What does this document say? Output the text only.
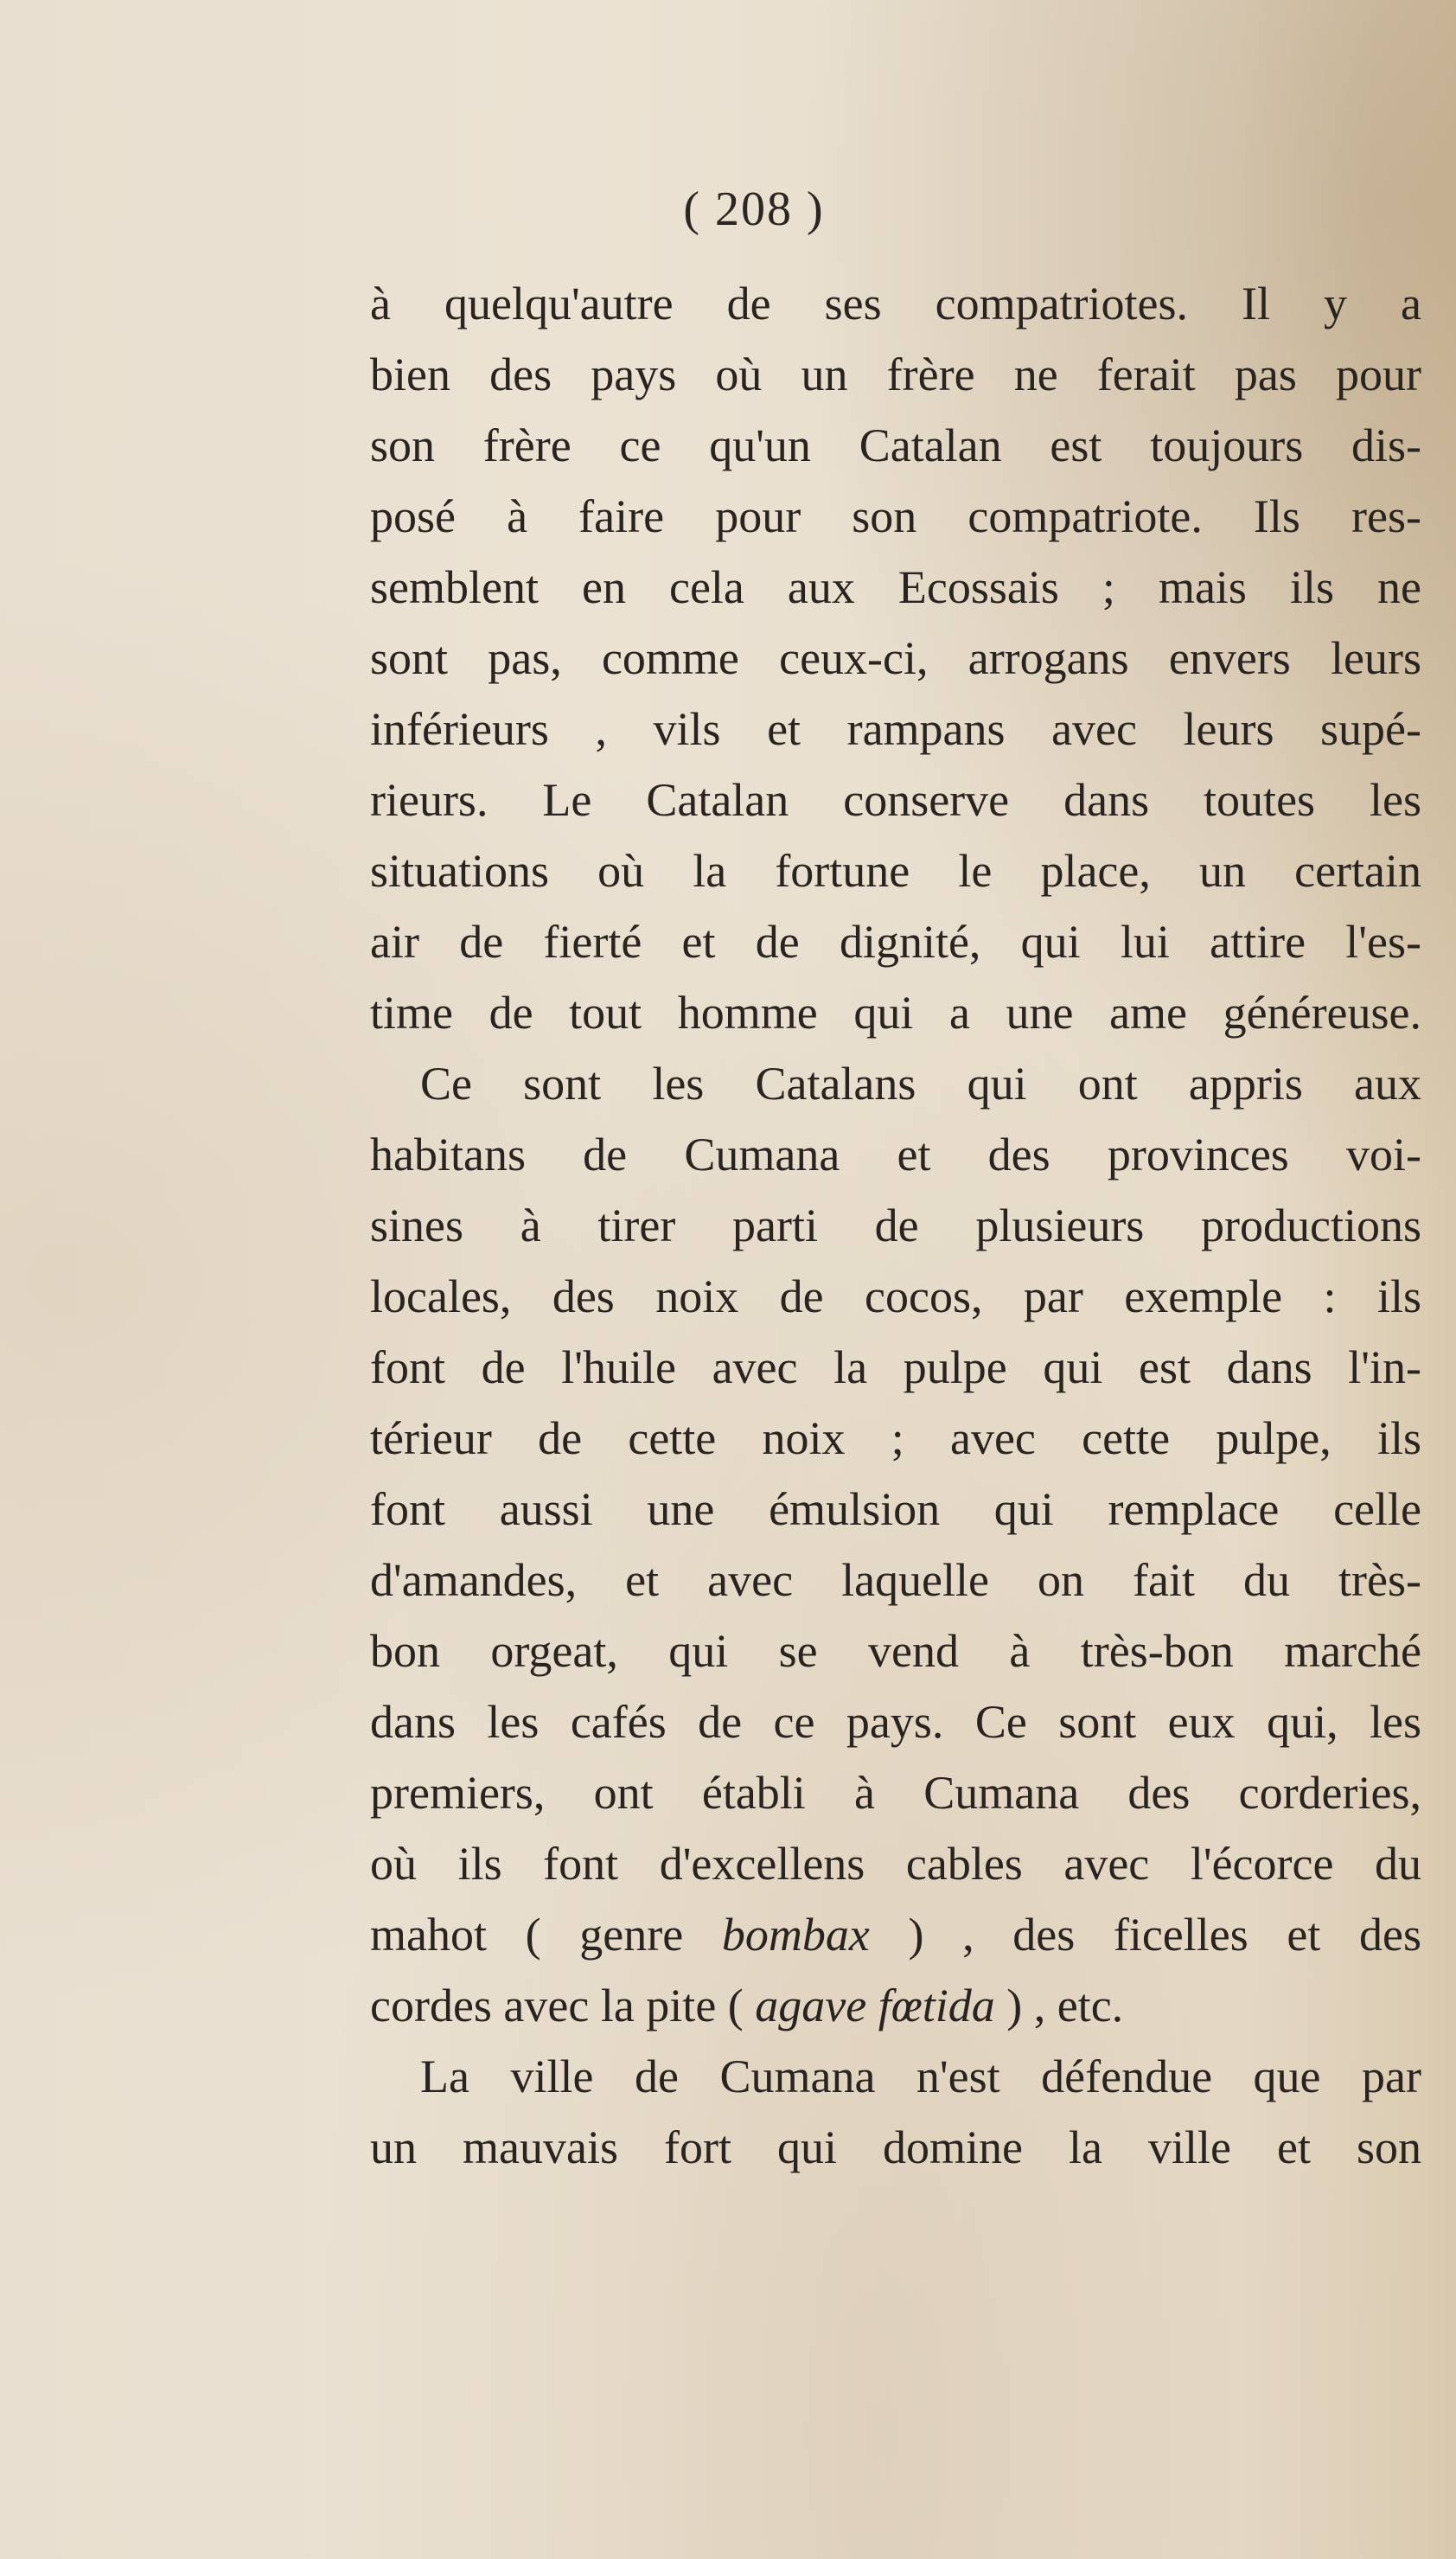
( 208 )
à quelqu'autre de ses compatriotes. Il y a
bien des pays où un frère ne ferait pas pour
son frère ce qu'un Catalan est toujours dis-
posé à faire pour son compatriote. Ils res-
semblent en cela aux Ecossais ; mais ils ne
sont pas, comme ceux-ci, arrogans envers leurs
inférieurs , vils et rampans avec leurs supé-
rieurs. Le Catalan conserve dans toutes les
situations où la fortune le place, un certain
air de fierté et de dignité, qui lui attire l'es-
time de tout homme qui a une ame généreuse.
Ce sont les Catalans qui ont appris aux
habitans de Cumana et des provinces voi-
sines à tirer parti de plusieurs productions
locales, des noix de cocos, par exemple : ils
font de l'huile avec la pulpe qui est dans l'in-
térieur de cette noix ; avec cette pulpe, ils
font aussi une émulsion qui remplace celle
d'amandes, et avec laquelle on fait du très-
bon orgeat, qui se vend à très-bon marché
dans les cafés de ce pays. Ce sont eux qui, les
premiers, ont établi à Cumana des corderies,
où ils font d'excellens cables avec l'écorce du
mahot ( genre bombax ) , des ficelles et des
cordes avec la pite ( agave fœtida ) , etc.
La ville de Cumana n'est défendue que par
un mauvais fort qui domine la ville et son
